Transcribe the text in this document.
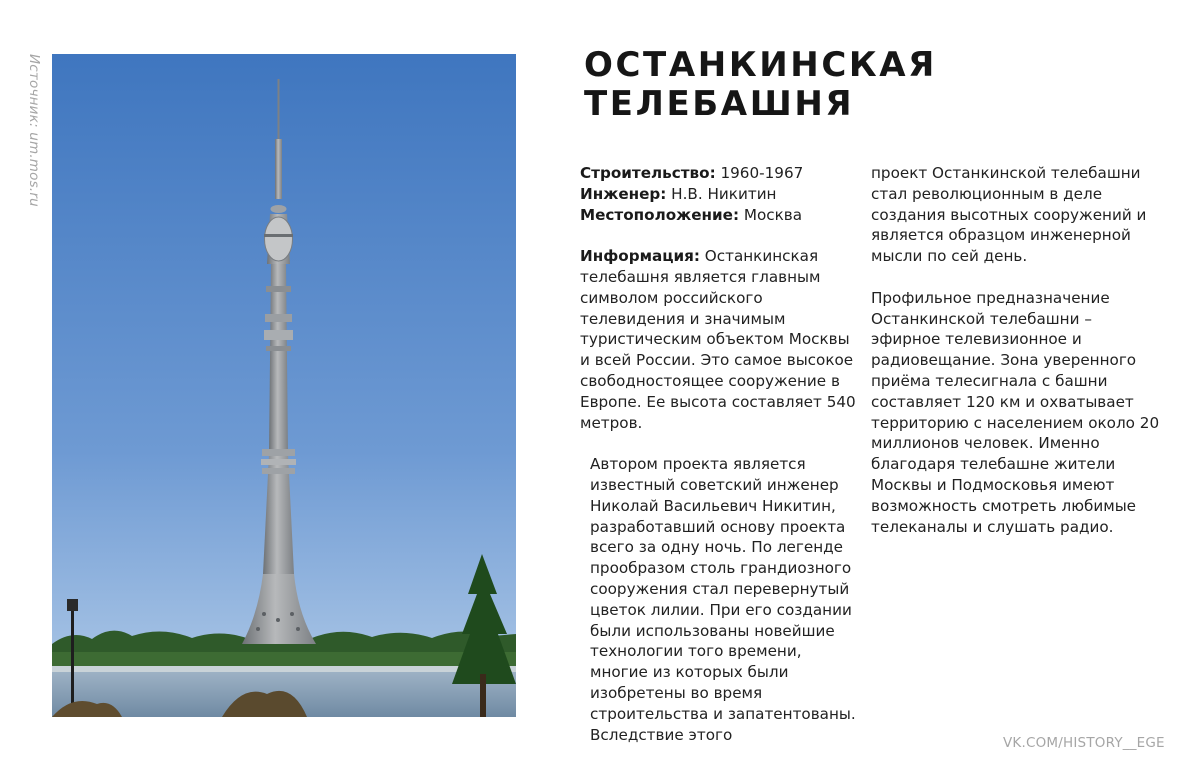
Источник: um.mos.ru	ОСТАНКИНСКАЯ
ТЕЛЕБАШНЯ

Строительство: 1960-1967

Инженер: Н.В. Никитин

Местоположение: Москва

Информация: Останкинская телебашня является главным символом российского телевидения и значимым туристическим объектом Москвы и всей России. Это самое высокое свободностоящее сооружение в Европе. Ее высота составляет 540 метров.

Автором проекта является известный советский инженер Николай Васильевич Никитин, разработавший основу проекта всего за одну ночь. По легенде прообразом столь грандиозного сооружения стал перевернутый цветок лилии. При его создании были использованы новейшие технологии того времени, многие из которых были изобретены во время строительства и запатентованы. Вследствие этого

проект Останкинской телебашни стал революционным в деле создания высотных сооружений и является образцом инженерной мысли по сей день.

Профильное предназначение Останкинской телебашни – эфирное телевизионное и радиовещание. Зона уверенного приёма телесигнала с башни составляет 120 км и охватывает территорию с населением около 20 миллионов человек. Именно благодаря телебашне жители Москвы и Подмосковья имеют возможность смотреть любимые телеканалы и слушать радио.

VK.COM/HISTORY__EGE
